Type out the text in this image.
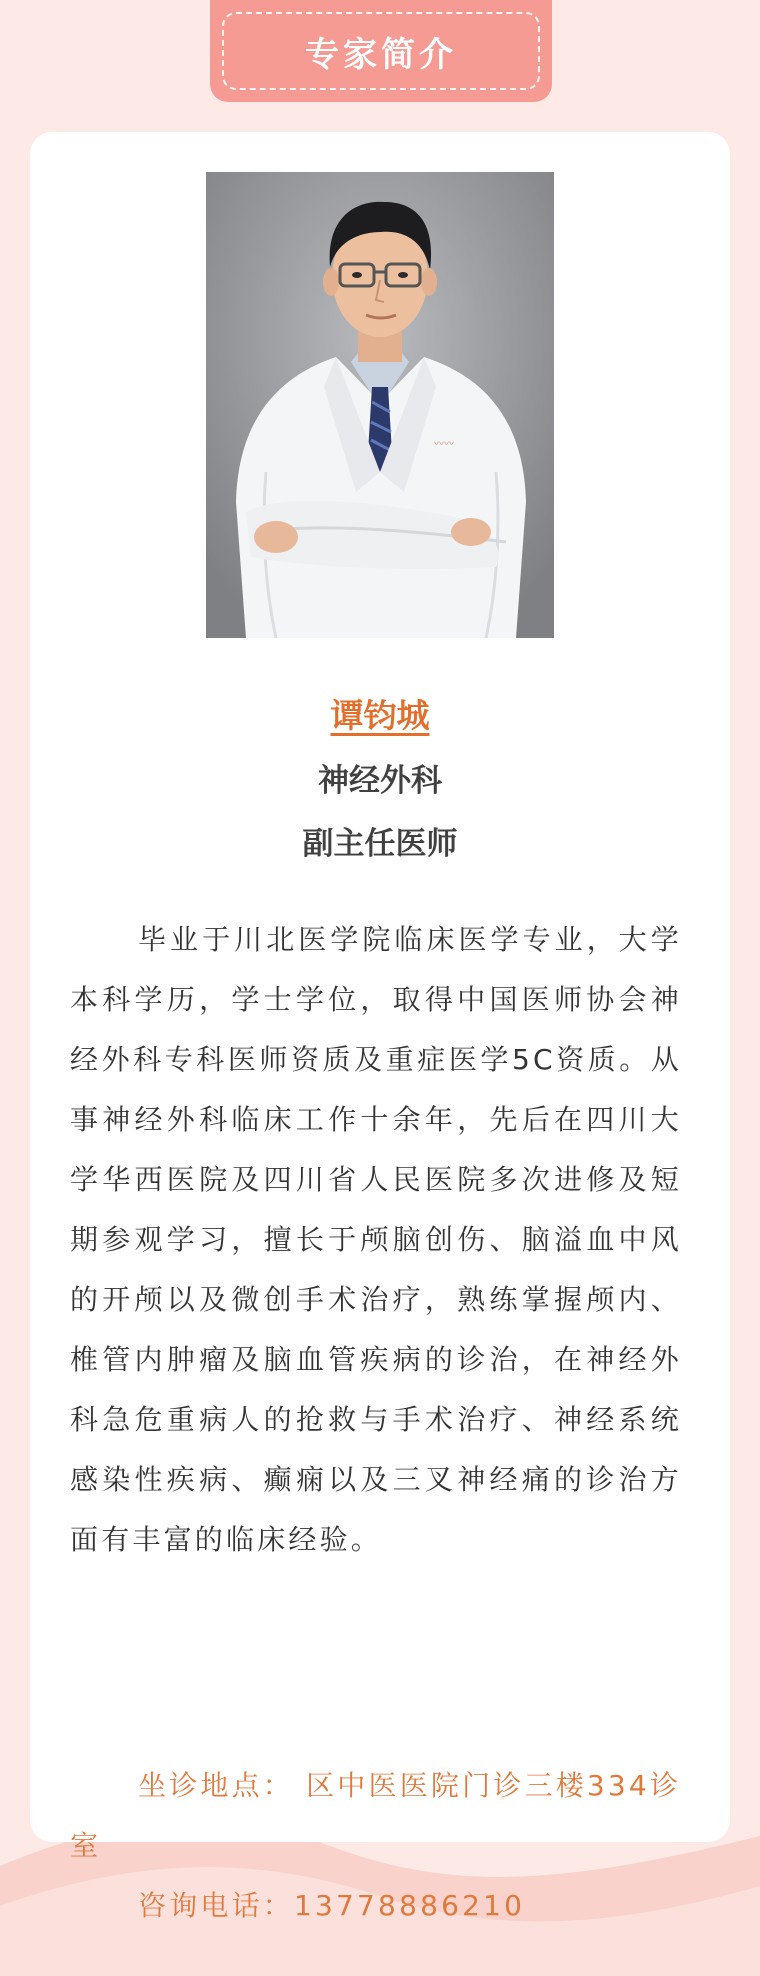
专家简介
〰〰
谭钧城
神经外科
副主任医师

毕业于川北医学院临床医学专业，大学本科学历，学士学位，取得中国医师协会神经外科专科医师资质及重症医学5C资质。从事神经外科临床工作十余年，先后在四川大学华西医院及四川省人民医院多次进修及短期参观学习，擅长于颅脑创伤、脑溢血中风的开颅以及微创手术治疗，熟练掌握颅内、椎管内肿瘤及脑血管疾病的诊治，在神经外科急危重病人的抢救与手术治疗、神经系统感染性疾病、癫痫以及三叉神经痛的诊治方面有丰富的临床经验。

坐诊地点： 区中医医院门诊三楼334诊室

咨询电话：13778886210
